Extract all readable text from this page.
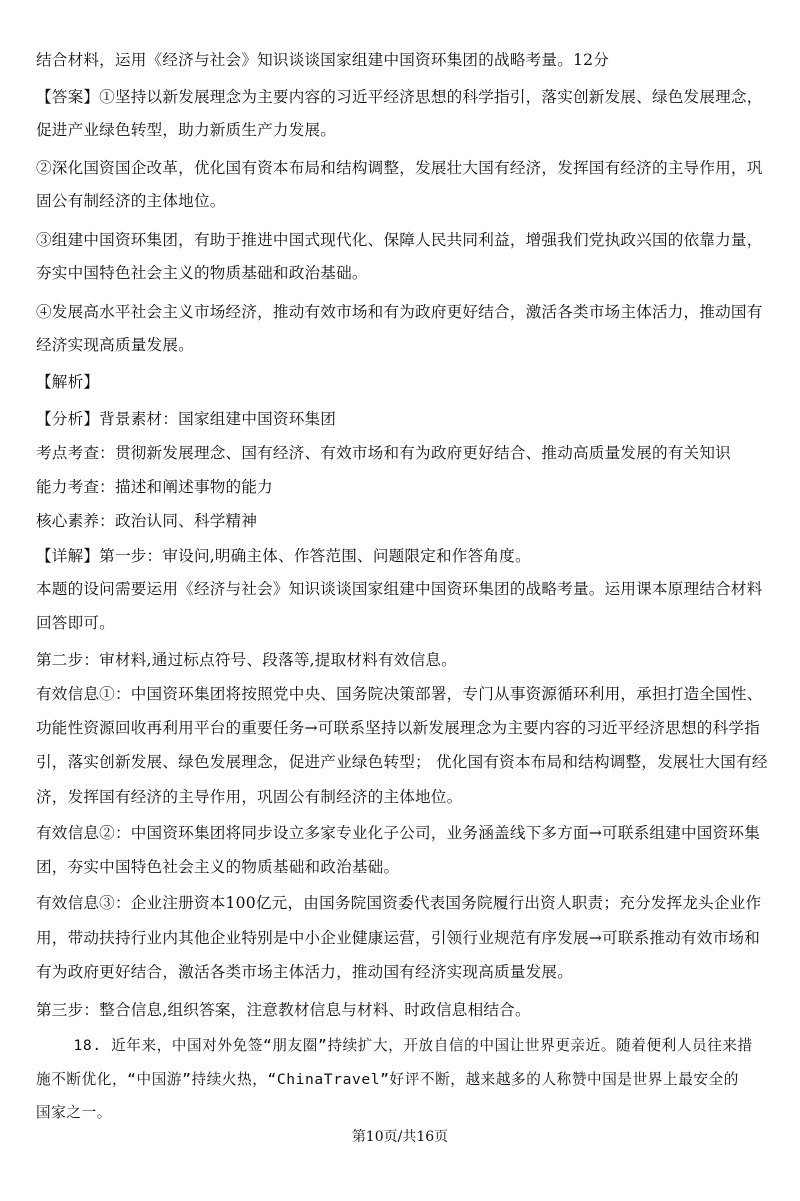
结合材料，运用《经济与社会》知识谈谈国家组建中国资环集团的战略考量。12分
【答案】①坚持以新发展理念为主要内容的习近平经济思想的科学指引，落实创新发展、绿色发展理念，
促进产业绿色转型，助力新质生产力发展。
②深化国资国企改革，优化国有资本布局和结构调整，发展壮大国有经济，发挥国有经济的主导作用，巩
固公有制经济的主体地位。
③组建中国资环集团，有助于推进中国式现代化、保障人民共同利益，增强我们党执政兴国的依靠力量，
夯实中国特色社会主义的物质基础和政治基础。
④发展高水平社会主义市场经济，推动有效市场和有为政府更好结合，激活各类市场主体活力，推动国有
经济实现高质量发展。
【解析】
【分析】背景素材：国家组建中国资环集团
考点考查：贯彻新发展理念、国有经济、有效市场和有为政府更好结合、推动高质量发展的有关知识
能力考查：描述和阐述事物的能力
核心素养：政治认同、科学精神
【详解】第一步：审设问,明确主体、作答范围、问题限定和作答角度。
本题的设问需要运用《经济与社会》知识谈谈国家组建中国资环集团的战略考量。运用课本原理结合材料
回答即可。
第二步：审材料,通过标点符号、段落等,提取材料有效信息。
有效信息①：中国资环集团将按照党中央、国务院决策部署，专门从事资源循环利用，承担打造全国性、
功能性资源回收再利用平台的重要任务→可联系坚持以新发展理念为主要内容的习近平经济思想的科学指
引，落实创新发展、绿色发展理念，促进产业绿色转型； 优化国有资本布局和结构调整，发展壮大国有经
济，发挥国有经济的主导作用，巩固公有制经济的主体地位。
有效信息②：中国资环集团将同步设立多家专业化子公司，业务涵盖线下多方面→可联系组建中国资环集
团，夯实中国特色社会主义的物质基础和政治基础。
有效信息③：企业注册资本100亿元，由国务院国资委代表国务院履行出资人职责；充分发挥龙头企业作
用，带动扶持行业内其他企业特别是中小企业健康运营，引领行业规范有序发展→可联系推动有效市场和
有为政府更好结合，激活各类市场主体活力，推动国有经济实现高质量发展。
第三步：整合信息,组织答案，注意教材信息与材料、时政信息相结合。
18. 近年来，中国对外免签“朋友圈”持续扩大，开放自信的中国让世界更亲近。随着便利人员往来措
施不断优化，“中国游”持续火热，“ChinaTravel”好评不断，越来越多的人称赞中国是世界上最安全的
国家之一。
第10页/共16页
